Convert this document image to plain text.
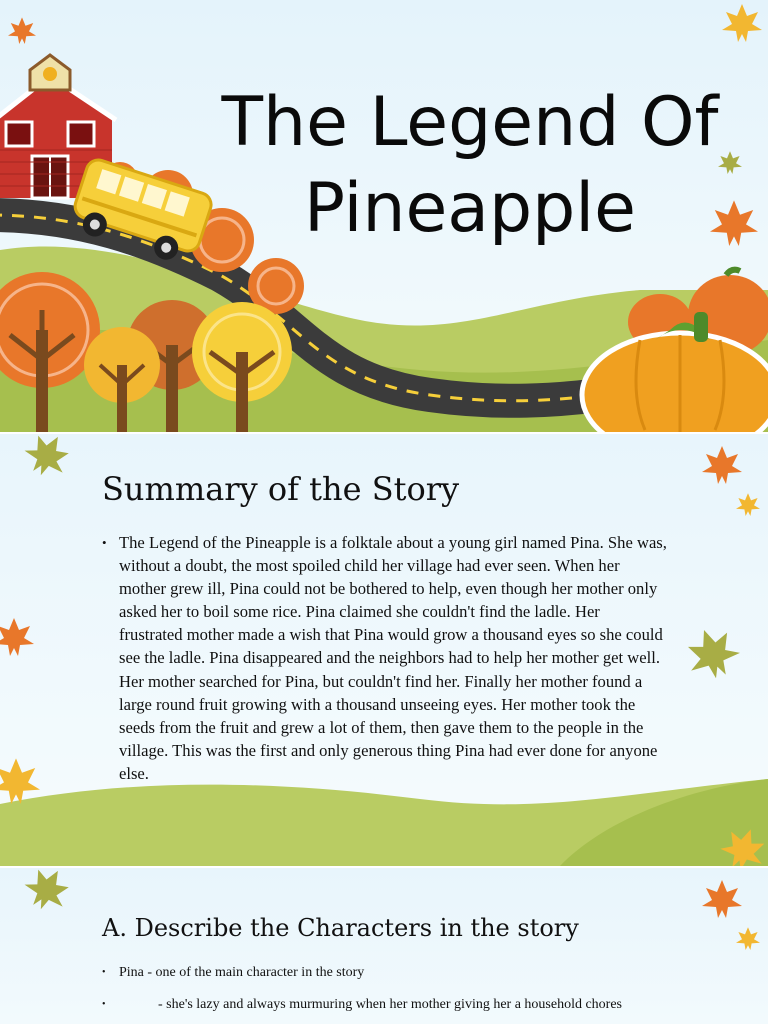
The Legend Of
Pineapple
Summary of the Story
• The Legend of the Pineapple is a folktale about a young girl named Pina. She was, without a doubt, the most spoiled child her village had ever seen. When her mother grew ill, Pina could not be bothered to help, even though her mother only asked her to boil some rice. Pina claimed she couldn't find the ladle. Her frustrated mother made a wish that Pina would grow a thousand eyes so she could see the ladle. Pina disappeared and the neighbors had to help her mother get well. Her mother searched for Pina, but couldn't find her. Finally her mother found a large round fruit growing with a thousand unseeing eyes. Her mother took the seeds from the fruit and grew a lot of them, then gave them to the people in the village. This was the first and only generous thing Pina had ever done for anyone else.
A. Describe the Characters in the story
• Pina - one of the main character in the story
•	- she's lazy and always murmuring when her mother giving her a household chores
